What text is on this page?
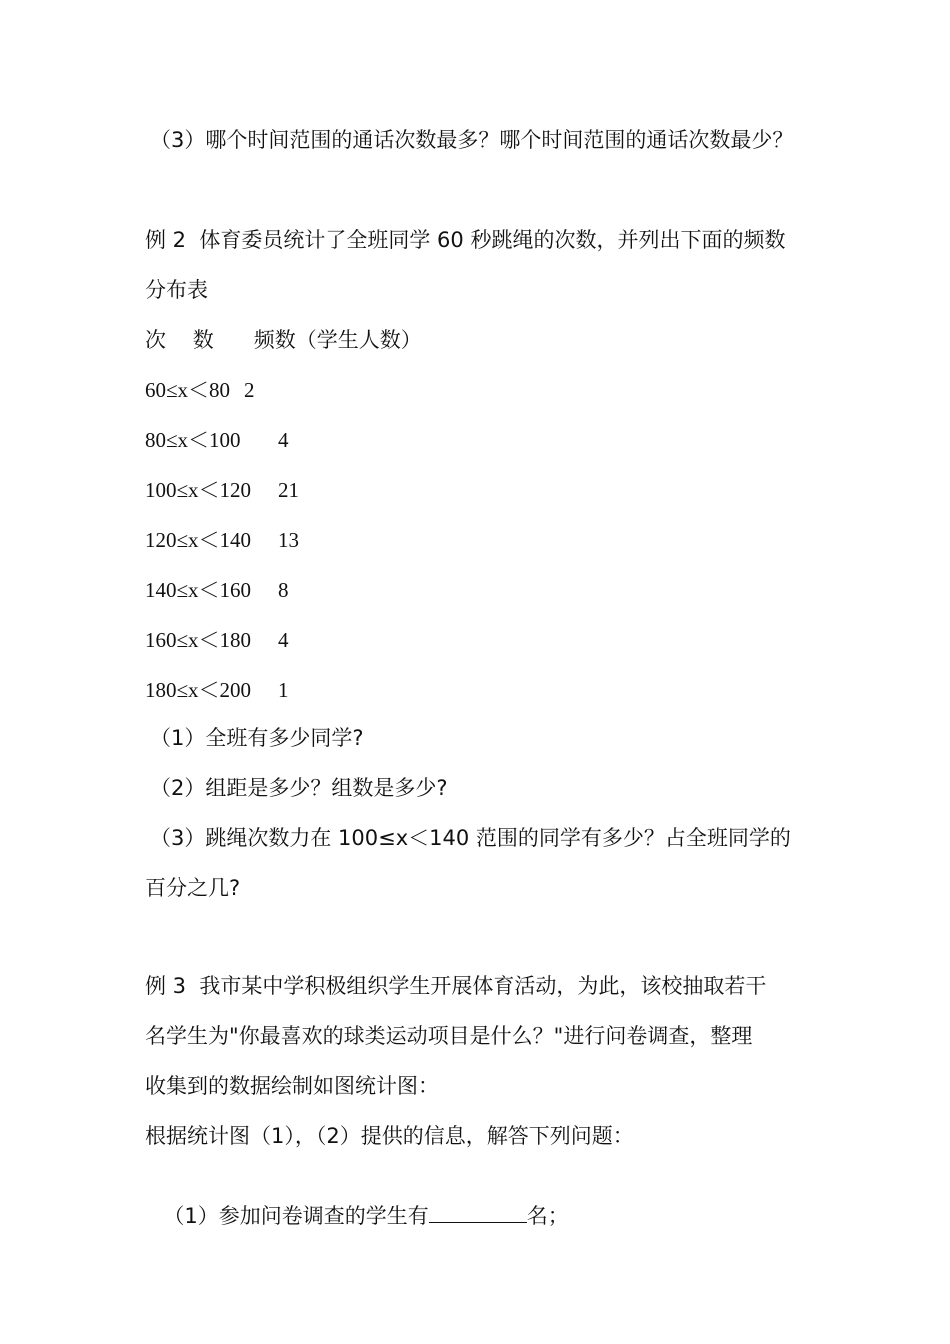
（3）哪个时间范围的通话次数最多？哪个时间范围的通话次数最少？
例 2  体育委员统计了全班同学 60 秒跳绳的次数，并列出下面的频数
分布表
次    数      频数（学生人数）
60≤x＜80 2
80≤x＜100 4
100≤x＜120 21
120≤x＜140 13
140≤x＜160 8
160≤x＜180 4
180≤x＜200 1
（1）全班有多少同学?
（2）组距是多少？组数是多少?
（3）跳绳次数力在 100≤x＜140 范围的同学有多少？占全班同学的
百分之几?
例 3  我市某中学积极组织学生开展体育活动，为此，该校抽取若干
名学生为"你最喜欢的球类运动项目是什么？"进行问卷调查，整理
收集到的数据绘制如图统计图：
根据统计图（1），（2）提供的信息，解答下列问题：

（1）参加问卷调查的学生有	名；
